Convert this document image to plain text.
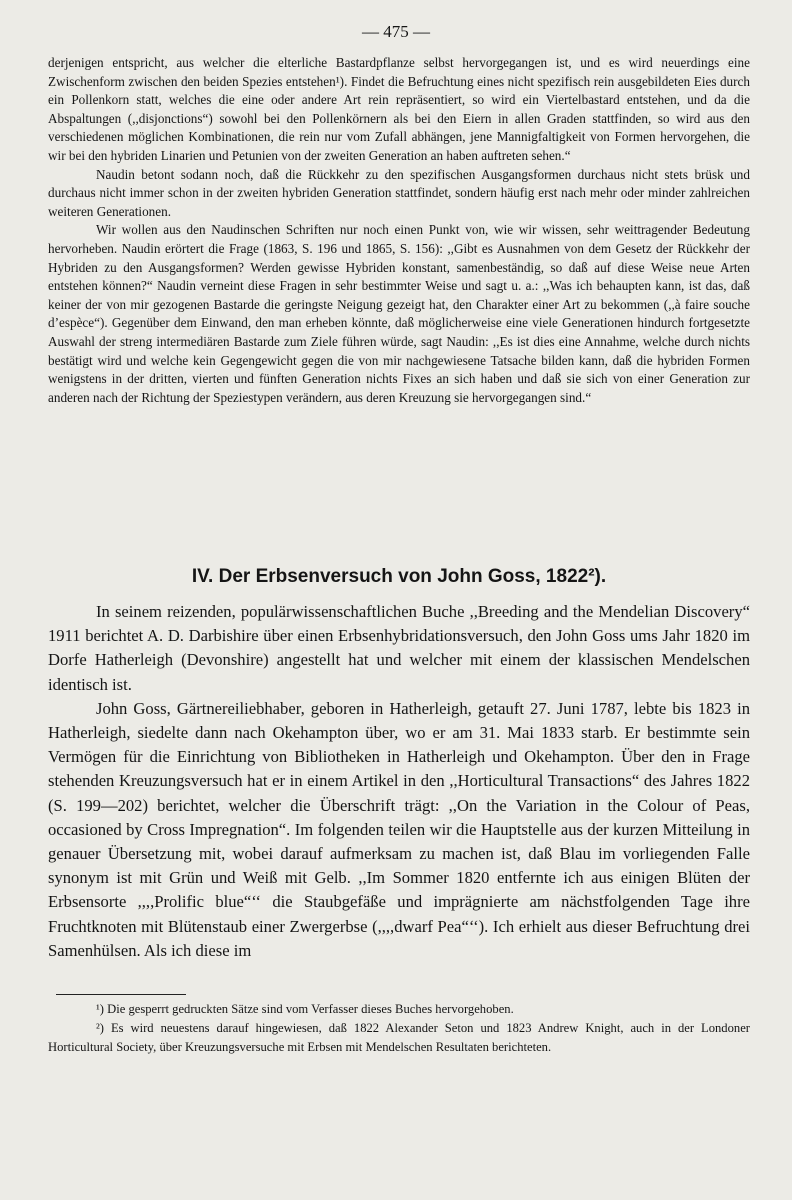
— 475 —

derjenigen entspricht, aus welcher die elterliche Bastardpflanze selbst hervorgegangen ist, und es wird neuerdings eine Zwischenform zwischen den beiden Spezies entstehen¹). Findet die Befruchtung eines nicht spezifisch rein ausgebildeten Eies durch ein Pollenkorn statt, welches die eine oder andere Art rein repräsentiert, so wird ein Viertelbastard entstehen, und da die Abspaltungen (,,disjonctions“) sowohl bei den Pollenkörnern als bei den Eiern in allen Graden stattfinden, so wird aus den verschiedenen möglichen Kombinationen, die rein nur vom Zufall abhängen, jene Mannigfaltigkeit von Formen hervorgehen, die wir bei den hybriden Linarien und Petunien von der zweiten Generation an haben auftreten sehen.“

Naudin betont sodann noch, daß die Rückkehr zu den spezifischen Ausgangsformen durchaus nicht stets brüsk und durchaus nicht immer schon in der zweiten hybriden Generation stattfindet, sondern häufig erst nach mehr oder minder zahlreichen weiteren Generationen.

Wir wollen aus den Naudinschen Schriften nur noch einen Punkt von, wie wir wissen, sehr weittragender Bedeutung hervorheben. Naudin erörtert die Frage (1863, S. 196 und 1865, S. 156): ,,Gibt es Ausnahmen von dem Gesetz der Rückkehr der Hybriden zu den Ausgangsformen? Werden gewisse Hybriden konstant, samenbeständig, so daß auf diese Weise neue Arten entstehen können?“ Naudin verneint diese Fragen in sehr bestimmter Weise und sagt u. a.: ,,Was ich behaupten kann, ist das, daß keiner der von mir gezogenen Bastarde die geringste Neigung gezeigt hat, den Charakter einer Art zu bekommen (,,à faire souche d’espèce“). Gegenüber dem Einwand, den man erheben könnte, daß möglicherweise eine viele Generationen hindurch fortgesetzte Auswahl der streng intermediären Bastarde zum Ziele führen würde, sagt Naudin: ,,Es ist dies eine Annahme, welche durch nichts bestätigt wird und welche kein Gegengewicht gegen die von mir nachgewiesene Tatsache bilden kann, daß die hybriden Formen wenigstens in der dritten, vierten und fünften Generation nichts Fixes an sich haben und daß sie sich von einer Generation zur anderen nach der Richtung der Speziestypen verändern, aus deren Kreuzung sie hervorgegangen sind.“

IV. Der Erbsenversuch von John Goss, 1822²).

In seinem reizenden, populärwissenschaftlichen Buche ,,Breeding and the Mendelian Discovery“ 1911 berichtet A. D. Darbishire über einen Erbsenhybridationsversuch, den John Goss ums Jahr 1820 im Dorfe Hatherleigh (Devonshire) angestellt hat und welcher mit einem der klassischen Mendelschen identisch ist.

John Goss, Gärtnereiliebhaber, geboren in Hatherleigh, getauft 27. Juni 1787, lebte bis 1823 in Hatherleigh, siedelte dann nach Okehampton über, wo er am 31. Mai 1833 starb. Er bestimmte sein Vermögen für die Einrichtung von Bibliotheken in Hatherleigh und Okehampton. Über den in Frage stehenden Kreuzungsversuch hat er in einem Artikel in den ,,Horticultural Transactions“ des Jahres 1822 (S. 199—202) berichtet, welcher die Überschrift trägt: ,,On the Variation in the Colour of Peas, occasioned by Cross Impregnation“. Im folgenden teilen wir die Hauptstelle aus der kurzen Mitteilung in genauer Übersetzung mit, wobei darauf aufmerksam zu machen ist, daß Blau im vorliegenden Falle synonym ist mit Grün und Weiß mit Gelb. ,,Im Sommer 1820 entfernte ich aus einigen Blüten der Erbsensorte ,,,,Prolific blue“‘‘ die Staubgefäße und imprägnierte am nächstfolgenden Tage ihre Fruchtknoten mit Blütenstaub einer Zwergerbse (,,,,dwarf Pea“‘‘). Ich erhielt aus dieser Befruchtung drei Samenhülsen. Als ich diese im

¹) Die gesperrt gedruckten Sätze sind vom Verfasser dieses Buches hervorgehoben.

²) Es wird neuestens darauf hingewiesen, daß 1822 Alexander Seton und 1823 Andrew Knight, auch in der Londoner Horticultural Society, über Kreuzungsversuche mit Erbsen mit Mendelschen Resultaten berichteten.
